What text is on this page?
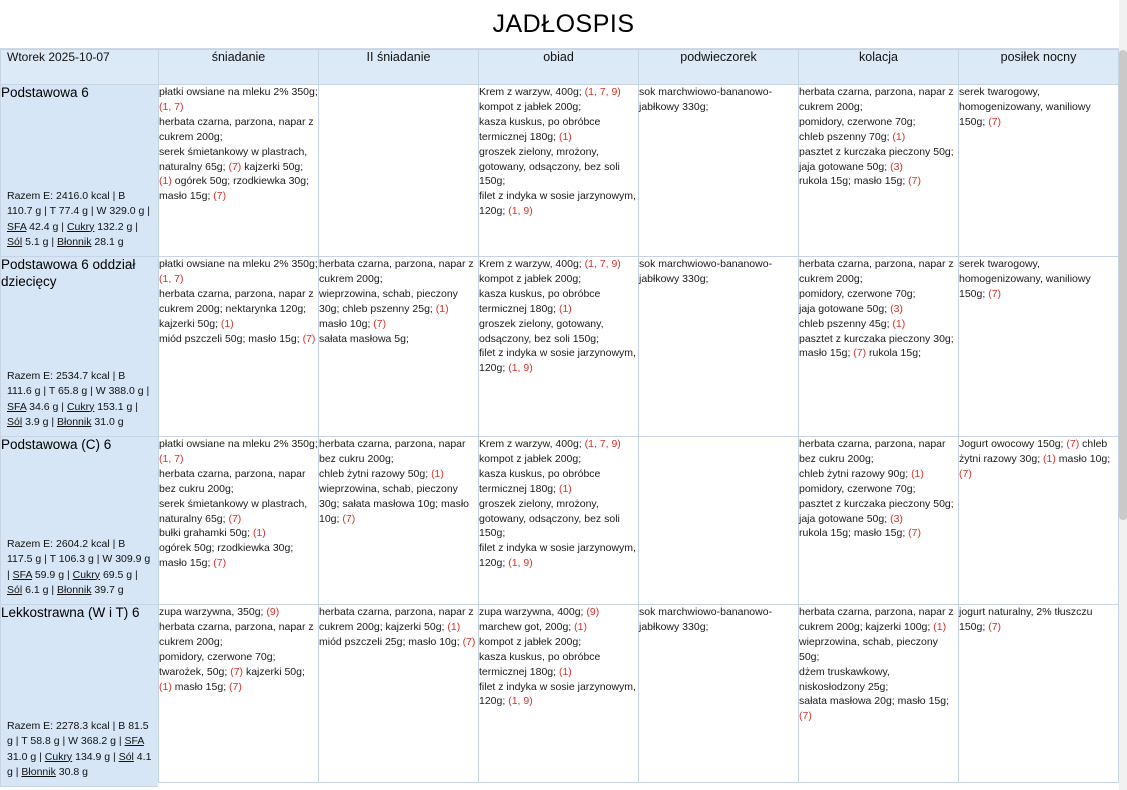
JADŁOSPIS
Wtorek 2025-10-07	śniadanie	II śniadanie	obiad	podwieczorek	kolacja	posiłek nocny

Podstawowa 6
Razem E: 2416.0 kcal | B 110.7 g | T 77.4 g | W 329.0 g | SFA 42.4 g | Cukry 132.2 g | Sól 5.1 g | Błonnik 28.1 g
	płatki owsiane na mleku 2% 350g; (1, 7)
herbata czarna, parzona, napar z cukrem 200g;
serek śmietankowy w plastrach, naturalny 65g; (7) kajzerki 50g; (1) ogórek 50g; rzodkiewka 30g; masło 15g; (7)		Krem z warzyw, 400g; (1, 7, 9)
kompot z jabłek 200g;
kasza kuskus, po obróbce termicznej 180g; (1)
groszek zielony, mrożony, gotowany, odsączony, bez soli 150g;
filet z indyka w sosie jarzynowym, 120g; (1, 9)	sok marchwiowo-bananowo-jabłkowy 330g;	herbata czarna, parzona, napar z cukrem 200g;
pomidory, czerwone 70g;
chleb pszenny 70g; (1)
pasztet z kurczaka pieczony 50g;
jaja gotowane 50g; (3)
rukola 15g; masło 15g; (7)	serek twarogowy, homogenizowany, waniliowy 150g; (7)

Podstawowa 6 oddział dziecięcy
Razem E: 2534.7 kcal | B 111.6 g | T 65.8 g | W 388.0 g | SFA 34.6 g | Cukry 153.1 g | Sól 3.9 g | Błonnik 31.0 g
	płatki owsiane na mleku 2% 350g; (1, 7)
herbata czarna, parzona, napar z cukrem 200g; nektarynka 120g; kajzerki 50g; (1)
miód pszczeli 50g; masło 15g; (7)	herbata czarna, parzona, napar z cukrem 200g;
wieprzowina, schab, pieczony 30g; chleb pszenny 25g; (1) masło 10g; (7)
sałata masłowa 5g;	Krem z warzyw, 400g; (1, 7, 9)
kompot z jabłek 200g;
kasza kuskus, po obróbce termicznej 180g; (1)
groszek zielony, gotowany, odsączony, bez soli 150g;
filet z indyka w sosie jarzynowym, 120g; (1, 9)	sok marchwiowo-bananowo-jabłkowy 330g;	herbata czarna, parzona, napar z cukrem 200g;
pomidory, czerwone 70g;
jaja gotowane 50g; (3)
chleb pszenny 45g; (1)
pasztet z kurczaka pieczony 30g;
masło 15g; (7) rukola 15g;	serek twarogowy, homogenizowany, waniliowy 150g; (7)

Podstawowa (C) 6
Razem E: 2604.2 kcal | B 117.5 g | T 106.3 g | W 309.9 g | SFA 59.9 g | Cukry 69.5 g | Sól 6.1 g | Błonnik 39.7 g
	płatki owsiane na mleku 2% 350g; (1, 7)
herbata czarna, parzona, napar bez cukru 200g;
serek śmietankowy w plastrach, naturalny 65g; (7)
bułki grahamki 50g; (1)
ogórek 50g; rzodkiewka 30g; masło 15g; (7)	herbata czarna, parzona, napar bez cukru 200g;
chleb żytni razowy 50g; (1) wieprzowina, schab, pieczony 30g; sałata masłowa 10g; masło 10g; (7)	Krem z warzyw, 400g; (1, 7, 9)
kompot z jabłek 200g;
kasza kuskus, po obróbce termicznej 180g; (1)
groszek zielony, mrożony, gotowany, odsączony, bez soli 150g;
filet z indyka w sosie jarzynowym, 120g; (1, 9)		herbata czarna, parzona, napar bez cukru 200g;
chleb żytni razowy 90g; (1)
pomidory, czerwone 70g;
pasztet z kurczaka pieczony 50g;
jaja gotowane 50g; (3)
rukola 15g; masło 15g; (7)	Jogurt owocowy 150g; (7) chleb żytni razowy 30g; (1) masło 10g; (7)

Lekkostrawna (W i T) 6
Razem E: 2278.3 kcal | B 81.5 g | T 58.8 g | W 368.2 g | SFA 31.0 g | Cukry 134.9 g | Sól 4.1 g | Błonnik 30.8 g
	zupa warzywna, 350g; (9)
herbata czarna, parzona, napar z cukrem 200g;
pomidory, czerwone 70g;
twarożek, 50g; (7) kajzerki 50g; (1) masło 15g; (7)	herbata czarna, parzona, napar z cukrem 200g; kajzerki 50g; (1)
miód pszczeli 25g; masło 10g; (7)	zupa warzywna, 400g; (9)
marchew got, 200g; (1)
kompot z jabłek 200g;
kasza kuskus, po obróbce termicznej 180g; (1)
filet z indyka w sosie jarzynowym, 120g; (1, 9)	sok marchwiowo-bananowo-jabłkowy 330g;	herbata czarna, parzona, napar z cukrem 200g; kajzerki 100g; (1)
wieprzowina, schab, pieczony 50g;
dżem truskawkowy, niskosłodzony 25g;
sałata masłowa 20g; masło 15g; (7)	jogurt naturalny, 2% tłuszczu 150g; (7)
